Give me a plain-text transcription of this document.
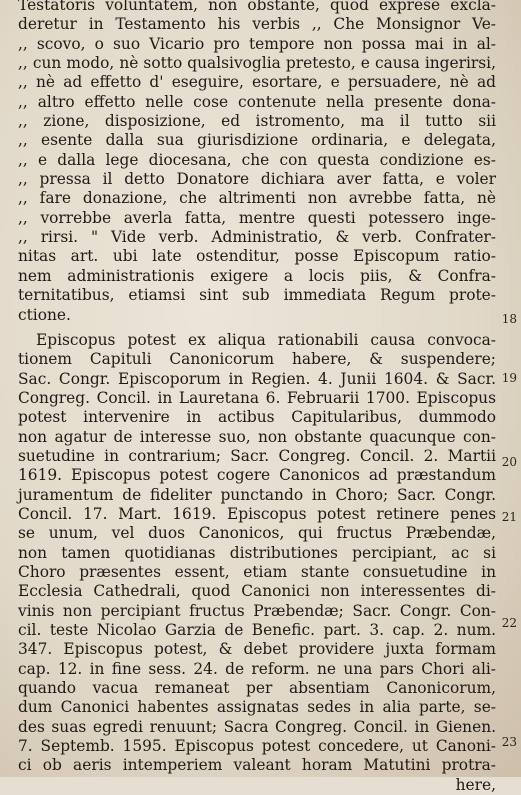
Testatoris voluntatem, non obstante, quod exprese excla-
deretur in Testamento his verbis ,, Che Monsignor Ve-
,, scovo, o suo Vicario pro tempore non possa mai in al-
,, cun modo, nè sotto qualsivoglia pretesto, e causa ingerirsi,
,, nè ad effetto d' eseguire, esortare, e persuadere, nè ad
,, altro effetto nelle cose contenute nella presente dona-
,, zione, disposizione, ed istromento, ma il tutto sii
,, esente dalla sua giurisdizione ordinaria, e delegata,
,, e dalla lege diocesana, che con questa condizione es-
,, pressa il detto Donatore dichiara aver fatta, e voler
,, fare donazione, che altrimenti non avrebbe fatta, nè
,, vorrebbe averla fatta, mentre questi potessero inge-
,, rirsi. " Vide verb. Administratio, & verb. Confrater-
nitas art. ubi late ostenditur, posse Episcopum ratio-
nem administrationis exigere a locis piis, & Confra-
ternitatibus, etiamsi sint sub immediata Regum prote-
ctione.
Episcopus potest ex aliqua rationabili causa convoca-
tionem Capituli Canonicorum habere, & suspendere;
Sac. Congr. Episcoporum in Regien. 4. Junii 1604. & Sacr.
Congreg. Concil. in Lauretana 6. Februarii 1700. Episcopus
potest intervenire in actibus Capitularibus, dummodo
non agatur de interesse suo, non obstante quacunque con-
suetudine in contrarium; Sacr. Congreg. Concil. 2. Martii
1619. Episcopus potest cogere Canonicos ad præstandum
juramentum de fideliter punctando in Choro; Sacr. Congr.
Concil. 17. Mart. 1619. Episcopus potest retinere penes
se unum, vel duos Canonicos, qui fructus Præbendæ,
non tamen quotidianas distributiones percipiant, ac si
Choro præsentes essent, etiam stante consuetudine in
Ecclesia Cathedrali, quod Canonici non interessentes di-
vinis non percipiant fructus Præbendæ; Sacr. Congr. Con-
cil. teste Nicolao Garzia de Benefic. part. 3. cap. 2. num.
347. Episcopus potest, & debet providere juxta formam
cap. 12. in fine sess. 24. de reform. ne una pars Chori ali-
quando vacua remaneat per absentiam Canonicorum,
dum Canonici habentes assignatas sedes in alia parte, se-
des suas egredi renuunt; Sacra Congreg. Concil. in Gienen.
7. Septemb. 1595. Episcopus potest concedere, ut Canoni-
ci ob aeris intemperiem valeant horam Matutini protra-
here,
18
19
20
21
22
23
